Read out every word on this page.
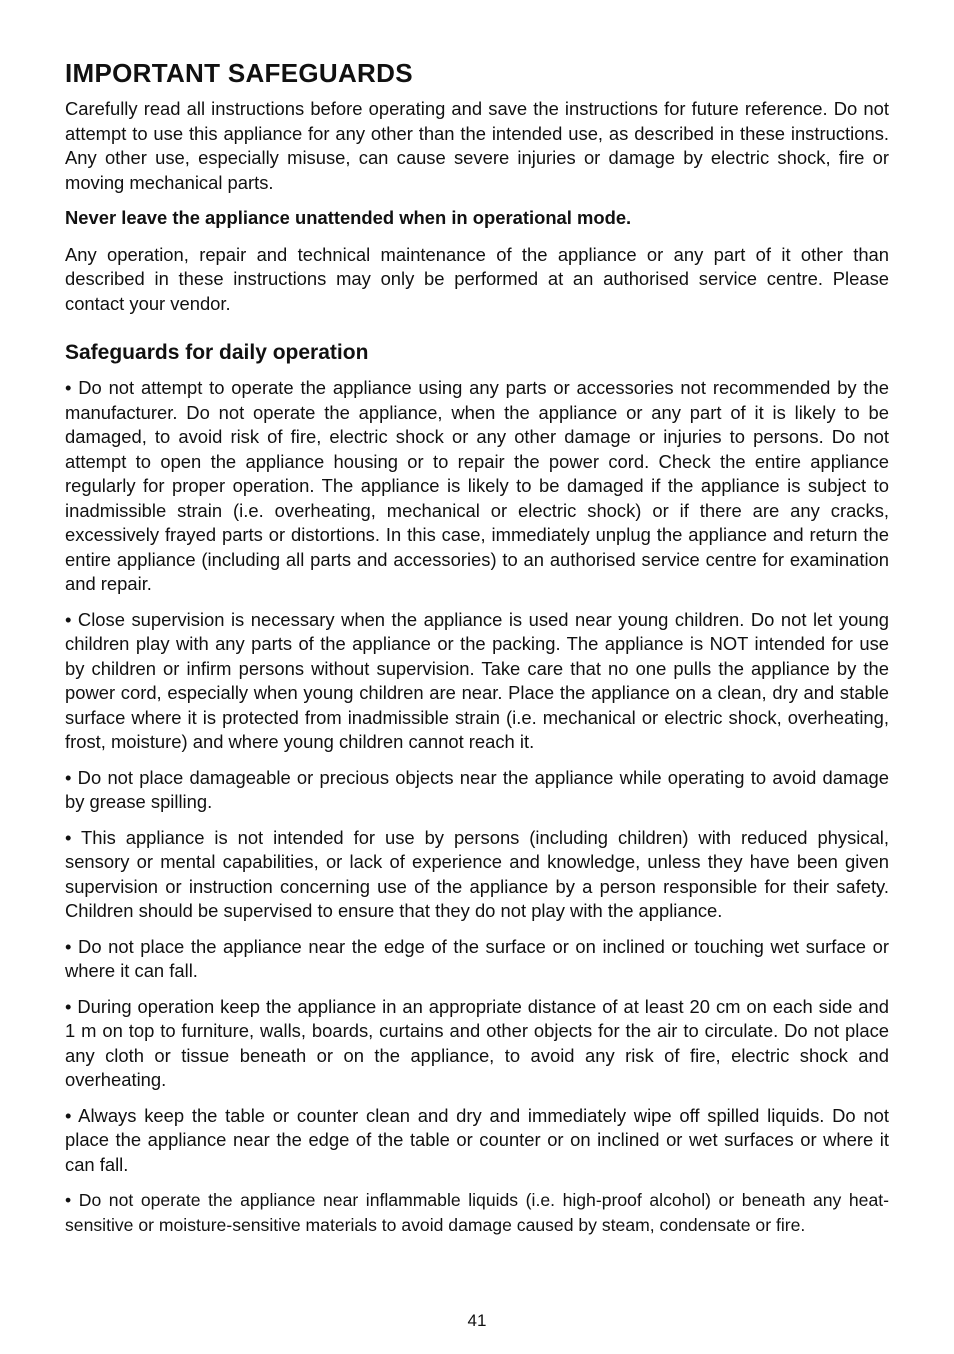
IMPORTANT SAFEGUARDS

Carefully read all instructions before operating and save the instructions for future reference. Do not attempt to use this appliance for any other than the intended use, as described in these instructions. Any other use, especially misuse, can cause severe injuries or damage by electric shock, fire or moving mechanical parts.

Never leave the appliance unattended when in operational mode.

Any operation, repair and technical maintenance of the appliance or any part of it other than described in these instructions may only be performed at an authorised service centre. Please contact your vendor.

Safeguards for daily operation

• Do not attempt to operate the appliance using any parts or accessories not recommended by the manufacturer. Do not operate the appliance, when the appliance or any part of it is likely to be damaged, to avoid risk of fire, electric shock or any other damage or injuries to persons. Do not attempt to open the appliance housing or to repair the power cord. Check the entire appliance regularly for proper operation. The appliance is likely to be damaged if the appliance is subject to inadmissible strain (i.e. overheating, mechanical or electric shock) or if there are any cracks, excessively frayed parts or distortions. In this case, immediately unplug the appliance and return the entire appliance (including all parts and accessories) to an authorised service centre for examination and repair.

• Close supervision is necessary when the appliance is used near young children. Do not let young children play with any parts of the appliance or the packing. The appliance is NOT intended for use by children or infirm persons without supervision. Take care that no one pulls the appliance by the power cord, especially when young children are near. Place the appliance on a clean, dry and stable surface where it is protected from inadmissible strain (i.e. mechanical or electric shock, overheating, frost, moisture) and where young children cannot reach it.

• Do not place damageable or precious objects near the appliance while operating to avoid damage by grease spilling.

• This appliance is not intended for use by persons (including children) with reduced physical, sensory or mental capabilities, or lack of experience and knowledge, unless they have been given supervision or instruction concerning use of the appliance by a person responsible for their safety. Children should be supervised to ensure that they do not play with the appliance.

• Do not place the appliance near the edge of the surface or on inclined or touching wet surface or where it can fall.

• During operation keep the appliance in an appropriate distance of at least 20 cm on each side and 1 m on top to furniture, walls, boards, curtains and other objects for the air to circulate. Do not place any cloth or tissue beneath or on the appliance, to avoid any risk of fire, electric shock and overheating.

• Always keep the table or counter clean and dry and immediately wipe off spilled liquids. Do not place the appliance near the edge of the table or counter or on inclined or wet surfaces or where it can fall.

• Do not operate the appliance near inflammable liquids (i.e. high-proof alcohol) or beneath any heat-sensitive or moisture-sensitive materials to avoid damage caused by steam, condensate or fire.

41
